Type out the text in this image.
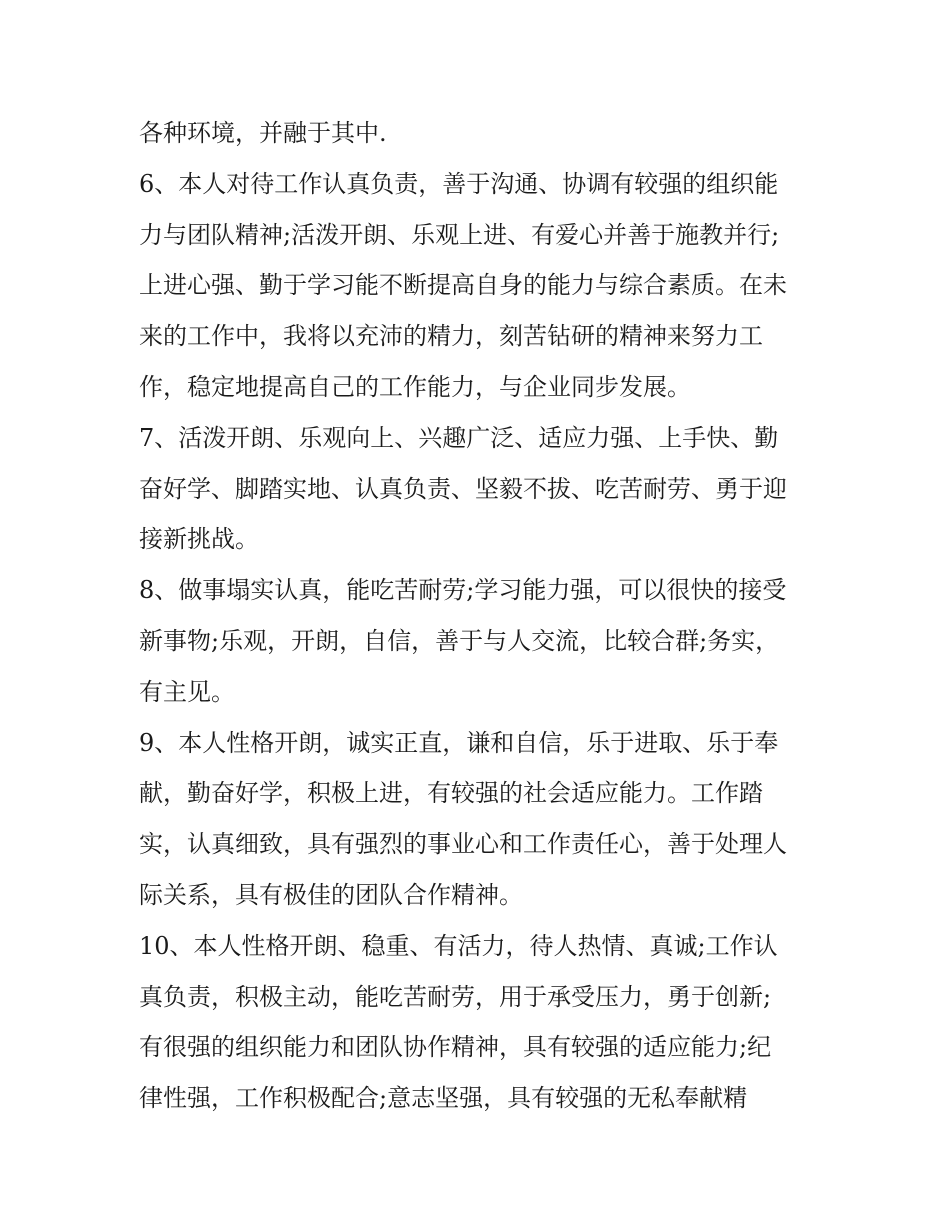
各种环境，并融于其中.
6、本人对待工作认真负责，善于沟通、协调有较强的组织能
力与团队精神;活泼开朗、乐观上进、有爱心并善于施教并行;
上进心强、勤于学习能不断提高自身的能力与综合素质。在未
来的工作中，我将以充沛的精力，刻苦钻研的精神来努力工
作，稳定地提高自己的工作能力，与企业同步发展。
7、活泼开朗、乐观向上、兴趣广泛、适应力强、上手快、勤
奋好学、脚踏实地、认真负责、坚毅不拔、吃苦耐劳、勇于迎
接新挑战。
8、做事塌实认真，能吃苦耐劳;学习能力强，可以很快的接受
新事物;乐观，开朗，自信，善于与人交流，比较合群;务实，
有主见。
9、本人性格开朗，诚实正直，谦和自信，乐于进取、乐于奉
献，勤奋好学，积极上进，有较强的社会适应能力。工作踏
实，认真细致，具有强烈的事业心和工作责任心，善于处理人
际关系，具有极佳的团队合作精神。
10、本人性格开朗、稳重、有活力，待人热情、真诚;工作认
真负责，积极主动，能吃苦耐劳，用于承受压力，勇于创新;
有很强的组织能力和团队协作精神，具有较强的适应能力;纪
律性强，工作积极配合;意志坚强，具有较强的无私奉献精
